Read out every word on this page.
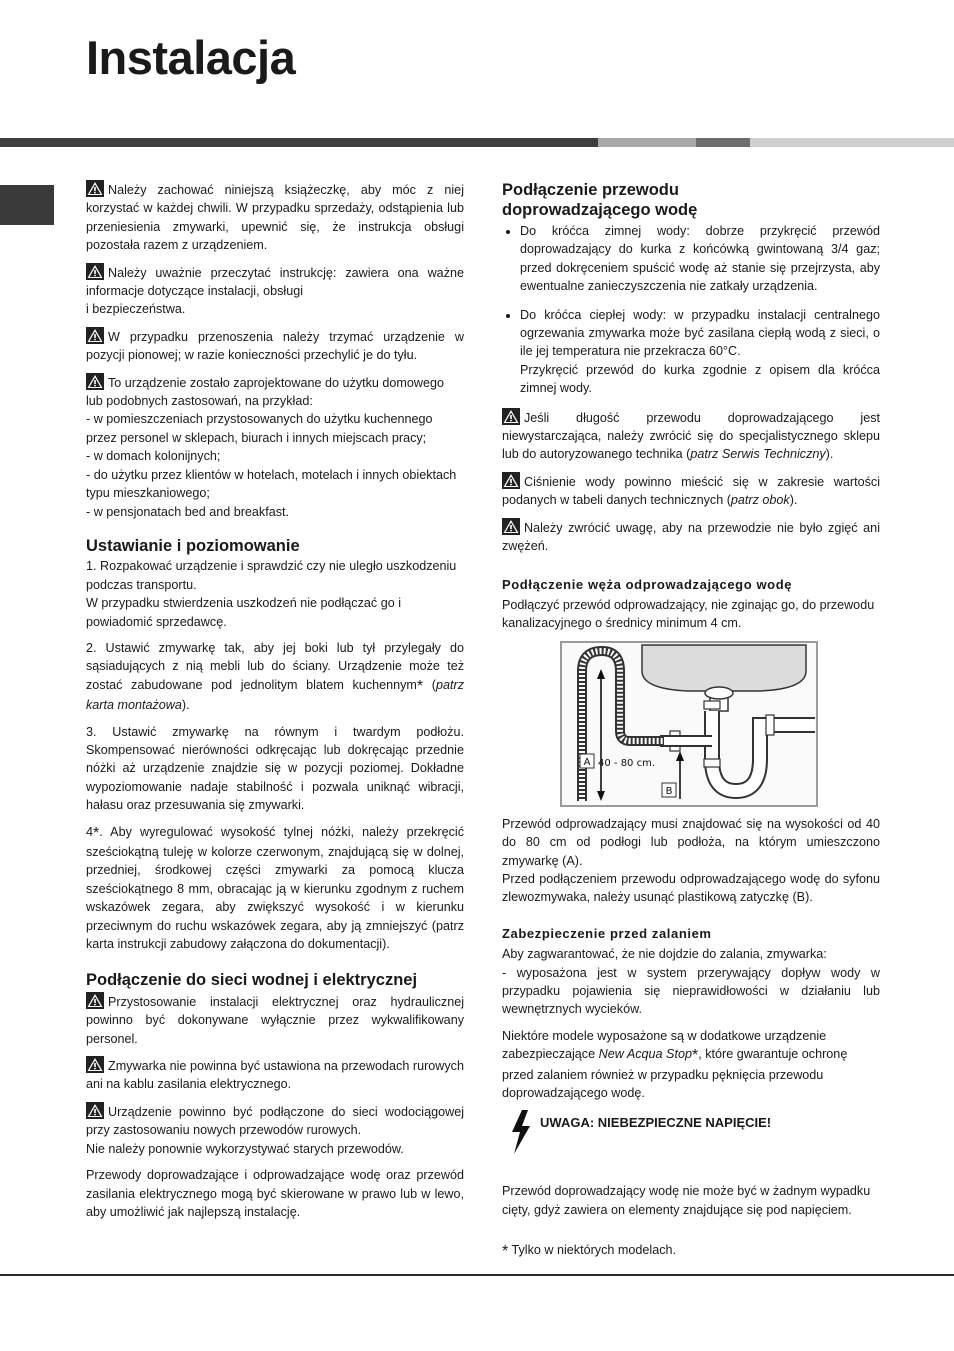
Instalacja

Należy zachować niniejszą książeczkę, aby móc z niej korzystać w każdej chwili. W przypadku sprzedaży, odstąpienia lub przeniesienia zmywarki, upewnić się, że instrukcja obsługi pozostała razem z urządzeniem.

Należy uważnie przeczytać instrukcję: zawiera ona ważne informacje dotyczące instalacji, obsługi
i bezpieczeństwa.

W przypadku przenoszenia należy trzymać urządzenie w pozycji pionowej; w razie konieczności przechylić je do tyłu.

To urządzenie zostało zaprojektowane do użytku domowego lub podobnych zastosowań, na przykład:
- w pomieszczeniach przystosowanych do użytku kuchennego przez personel w sklepach, biurach i innych miejscach pracy;
- w domach kolonijnych;
- do użytku przez klientów w hotelach, motelach i innych obiektach typu mieszkaniowego;
- w pensjonatach bed and breakfast.

Ustawianie i poziomowanie

1. Rozpakować urządzenie i sprawdzić czy nie uległo uszkodzeniu podczas transportu.
W przypadku stwierdzenia uszkodzeń nie podłączać go i powiadomić sprzedawcę.

2. Ustawić zmywarkę tak, aby jej boki lub tył przylegały do sąsiadujących z nią mebli lub do ściany. Urządzenie może też zostać zabudowane pod jednolitym blatem kuchennym* (patrz karta montażowa).

3. Ustawić zmywarkę na równym i twardym podłożu. Skompensować nierówności odkręcając lub dokręcając przednie nóżki aż urządzenie znajdzie się w pozycji poziomej. Dokładne wypoziomowanie nadaje stabilność i pozwala uniknąć wibracji, hałasu oraz przesuwania się zmywarki.

4*. Aby wyregulować wysokość tylnej nóżki, należy przekręcić sześciokątną tuleję w kolorze czerwonym, znajdującą się w dolnej, przedniej, środkowej części zmywarki za pomocą klucza sześciokątnego 8 mm, obracając ją w kierunku zgodnym z ruchem wskazówek zegara, aby zwiększyć wysokość i w kierunku przeciwnym do ruchu wskazówek zegara, aby ją zmniejszyć (patrz karta instrukcji zabudowy załączona do dokumentacji).

Podłączenie do sieci wodnej i elektrycznej

Przystosowanie instalacji elektrycznej oraz hydraulicznej powinno być dokonywane wyłącznie przez wykwalifikowany personel.

Zmywarka nie powinna być ustawiona na przewodach rurowych ani na kablu zasilania elektrycznego.

Urządzenie powinno być podłączone do sieci wodociągowej przy zastosowaniu nowych przewodów rurowych.
Nie należy ponownie wykorzystywać starych przewodów.

Przewody doprowadzające i odprowadzające wodę oraz przewód zasilania elektrycznego mogą być skierowane w prawo lub w lewo, aby umożliwić jak najlepszą instalację.

Podłączenie przewodu doprowadzającego wodę
• Do króćca zimnej wody: dobrze przykręcić przewód doprowadzający do kurka z końcówką gwintowaną 3/4 gaz; przed dokręceniem spuścić wodę aż stanie się przejrzysta, aby ewentualne zanieczyszczenia nie zatkały urządzenia.
• Do króćca ciepłej wody: w przypadku instalacji centralnego ogrzewania zmywarka może być zasilana ciepłą wodą z sieci, o ile jej temperatura nie przekracza 60°C.
Przykręcić przewód do kurka zgodnie z opisem dla króćca zimnej wody.

Jeśli długość przewodu doprowadzającego jest niewystarczająca, należy zwrócić się do specjalistycznego sklepu lub do autoryzowanego technika (patrz Serwis Techniczny).

Ciśnienie wody powinno mieścić się w zakresie wartości podanych w tabeli danych technicznych (patrz obok).

Należy zwrócić uwagę, aby na przewodzie nie było zgięć ani zwężeń.

Podłączenie węża odprowadzającego wodę

Podłączyć przewód odprowadzający, nie zginając go, do przewodu kanalizacyjnego o średnicy minimum 4 cm.

A 40 - 80 cm.
B

Przewód odprowadzający musi znajdować się na wysokości od 40 do 80 cm od podłogi lub podłoża, na którym umieszczono zmywarkę (A).
Przed podłączeniem przewodu odprowadzającego wodę do syfonu zlewozmywaka, należy usunąć plastikową zatyczkę (B).

Zabezpieczenie przed zalaniem

Aby zagwarantować, że nie dojdzie do zalania, zmywarka:
- wyposażona jest w system przerywający dopływ wody w przypadku pojawienia się nieprawidłowości w działaniu lub wewnętrznych wycieków.

Niektóre modele wyposażone są w dodatkowe urządzenie zabezpieczające New Acqua Stop*, które gwarantuje ochronę przed zalaniem również w przypadku pęknięcia przewodu doprowadzającego wodę.

UWAGA: NIEBEZPIECZNE NAPIĘCIE!

Przewód doprowadzający wodę nie może być w żadnym wypadku cięty, gdyż zawiera on elementy znajdujące się pod napięciem.

* Tylko w niektórych modelach.
